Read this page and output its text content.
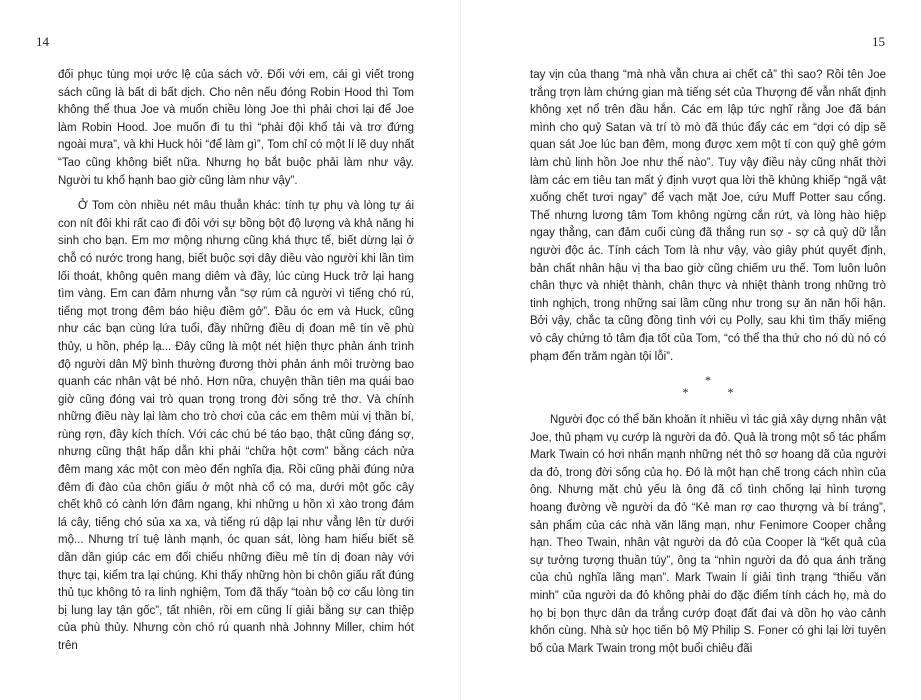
14

đối phục tùng mọi ước lệ của sách vở. Đối với em, cái gì viết trong sách cũng là bất di bất dịch. Cho nên nếu đóng Robin Hood thì Tom không thể thua Joe và muốn chiều lòng Joe thì phải chơi lại để Joe làm Robin Hood. Joe muốn đi tu thì “phải đội khổ tải và trơ đứng ngoài mưa”, và khi Huck hỏi “để làm gì”, Tom chỉ có một lí lẽ duy nhất “Tao cũng không biết nữa. Nhưng họ bắt buộc phải làm như vậy. Người tu khổ hạnh bao giờ cũng làm như vậy”.

Ở Tom còn nhiều nét mâu thuẫn khác: tính tự phụ và lòng tự ái con nít đôi khi rất cao đi đôi với sự bồng bột độ lượng và khả năng hi sinh cho bạn. Em mơ mộng nhưng cũng khá thực tế, biết dừng lại ở chỗ có nước trong hang, biết buộc sợi dây diều vào người khi lần tìm lối thoát, không quên mang diêm và đầy, lúc cùng Huck trở lại hang tìm vàng. Em can đảm nhưng vẫn “sợ rúm cả người vì tiếng chó rú, tiếng mọt trong đêm báo hiệu điềm gở”. Đầu óc em và Huck, cũng như các bạn cùng lứa tuổi, đầy những điều dị đoan mê tín về phù thủy, u hồn, phép lạ... Đây cũng là một nét hiện thực phản ánh trình độ người dân Mỹ bình thường đương thời phản ánh môi trường bao quanh các nhân vật bé nhỏ. Hơn nữa, chuyện thần tiên ma quái bao giờ cũng đóng vai trò quan trọng trong đời sống trẻ thơ. Và chính những điều này lại làm cho trò chơi của các em thêm mùi vị thần bí, rùng rợn, đầy kích thích. Với các chú bé táo bạo, thật cũng đáng sợ, nhưng cũng thật hấp dẫn khi phải “chữa hột cơm” bằng cách nửa đêm mang xác một con mèo đến nghĩa địa. Rồi cũng phải đúng nửa đêm đi đào của chôn giấu ở một nhà cổ có ma, dưới một gốc cây chết khô có cành lớn đâm ngang, khi những u hồn xì xào trong đám lá cây, tiếng chó sủa xa xa, và tiếng rú dập lại như vẳng lên từ dưới mộ... Nhưng trí tuệ lành mạnh, óc quan sát, lòng ham hiểu biết sẽ dần dần giúp các em đối chiếu những điều mê tín dị đoan này với thực tại, kiểm tra lại chúng. Khi thấy những hòn bi chôn giấu rất đúng thủ tục không tỏ ra linh nghiệm, Tom đã thấy “toàn bộ cơ cấu lòng tin bị lung lay tận gốc”, tất nhiên, rồi em cũng lí giải bằng sự can thiệp của phù thủy. Nhưng còn chó rú quanh nhà Johnny Miller, chim hót trên

15

tay vịn của thang “mà nhà vẫn chưa ai chết cả” thì sao? Rồi tên Joe trắng trợn làm chứng gian mà tiếng sét của Thượng đế vẫn nhất định không xẹt nổ trên đầu hắn. Các em lập tức nghĩ rằng Joe đã bán mình cho quỷ Satan và trí tò mò đã thúc đẩy các em “dợi có dịp sẽ quan sát Joe lúc ban đêm, mong được xem một tí con quỷ ghê gớm làm chủ linh hồn Joe như thế nào”. Tuy vậy điều này cũng nhất thời làm các em tiêu tan mất ý định vượt qua lời thề khủng khiếp “ngã vật xuống chết tươi ngay” để vạch mặt Joe, cứu Muff Potter sau cổng. Thế nhưng lương tâm Tom không ngừng cắn rứt, và lòng hào hiệp ngay thẳng, can đảm cuối cùng đã thắng run sợ - sợ cả quỷ dữ lẫn người độc ác. Tính cách Tom là như vậy, vào giây phút quyết định, bản chất nhân hậu vị tha bao giờ cũng chiếm ưu thế. Tom luôn luôn chân thực và nhiệt thành, chân thực và nhiệt thành trong những trò tinh nghịch, trong những sai lầm cũng như trong sự ăn năn hối hận. Bởi vậy, chắc ta cũng đồng tình với cụ Polly, sau khi tìm thấy miếng vỏ cây chứng tỏ tâm địa tốt của Tom, “có thể tha thứ cho nó dù nó có phạm đến trăm ngàn tội lỗi”.

*
* *

Người đọc có thể băn khoăn ít nhiều vì tác giả xây dựng nhân vật Joe, thủ phạm vụ cướp là người da đỏ. Quả là trong một số tác phẩm Mark Twain có hơi nhấn mạnh những nét thô sơ hoang dã của người da đỏ, trong đời sống của họ. Đó là một hạn chế trong cách nhìn của ông. Nhưng mặt chủ yếu là ông đã cố tình chống lại hình tượng hoang đường về người da đỏ “Kẻ man rợ cao thượng và bí tráng”, sản phẩm của các nhà văn lãng mạn, như Fenimore Cooper chẳng hạn. Theo Twain, nhân vật người da đỏ của Cooper là “kết quả của sự tưởng tượng thuần túy”, ông ta “nhìn người da đỏ qua ánh trăng của chủ nghĩa lãng mạn”. Mark Twain lí giải tình trạng “thiếu văn minh” của người da đỏ không phải do đặc điểm tính cách họ, mà do họ bị bọn thực dân da trắng cướp đoạt đất đai và dồn họ vào cảnh khốn cùng. Nhà sử học tiến bộ Mỹ Philip S. Foner có ghi lại lời tuyên bố của Mark Twain trong một buổi chiêu đãi
